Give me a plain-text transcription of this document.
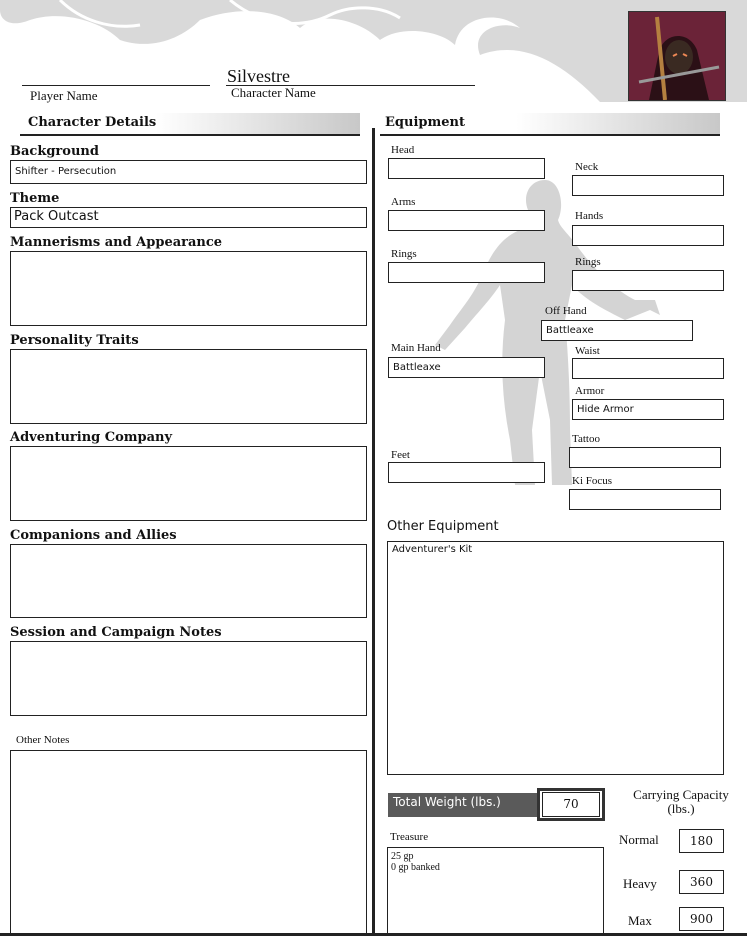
Player Name
Silvestre
Character Name
Character Details	Equipment
Background
Shifter - Persecution
Theme
Pack Outcast
Mannerisms and Appearance
Personality Traits
Adventuring Company
Companions and Allies
Session and Campaign Notes
Other Notes
Head
Neck
Arms
Hands
Rings
Rings
Off Hand
Battleaxe
Main Hand
Battleaxe
Waist
Armor
Hide Armor
Tattoo
Feet
Ki Focus
Other Equipment
Adventurer's Kit
Total Weight (lbs.)	70
Carrying Capacity (lbs.)
Normal	180
Heavy	360
Max	900
Treasure
25 gp
0 gp banked
